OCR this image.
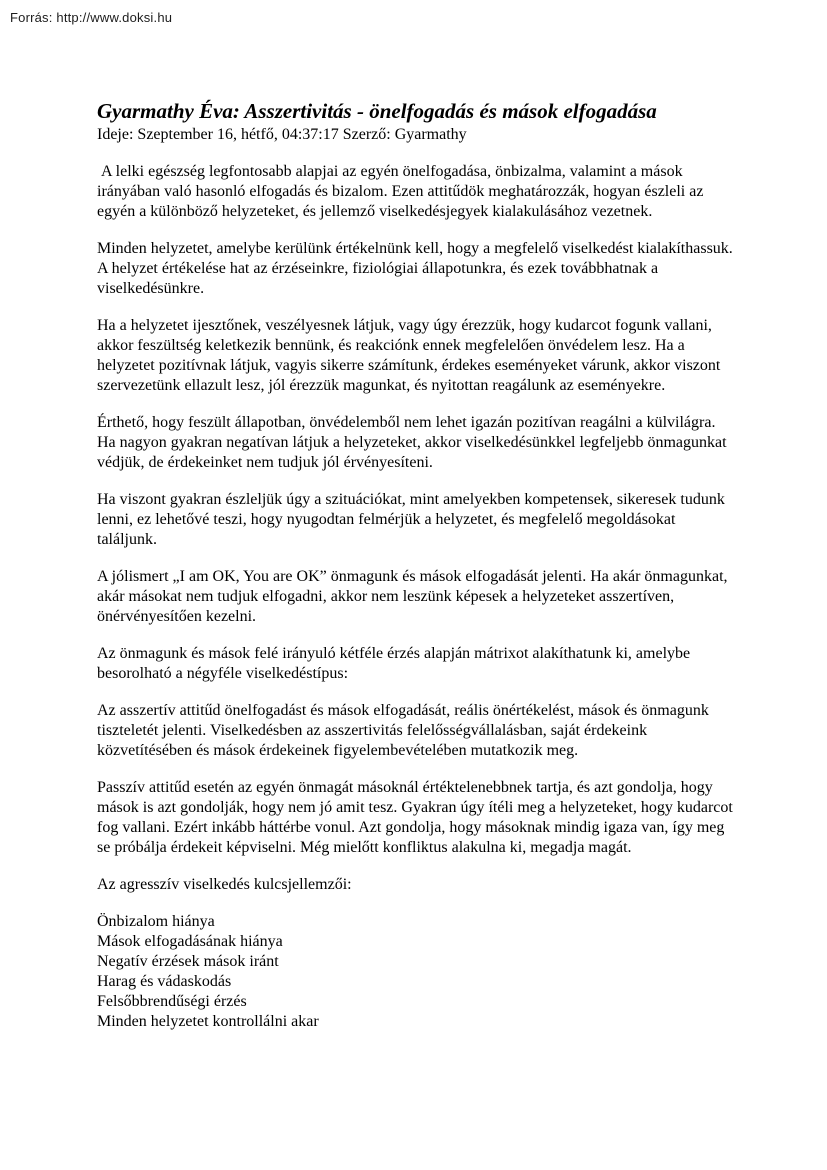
Forrás: http://www.doksi.hu
Gyarmathy Éva: Asszertivitás - önelfogadás és mások elfogadása
Ideje: Szeptember 16, hétfő, 04:37:17 Szerző: Gyarmathy

A lelki egészség legfontosabb alapjai az egyén önelfogadása, önbizalma, valamint a mások irányában való hasonló elfogadás és bizalom. Ezen attitűdök meghatározzák, hogyan észleli az egyén a különböző helyzeteket, és jellemző viselkedésjegyek kialakulásához vezetnek.

Minden helyzetet, amelybe kerülünk értékelnünk kell, hogy a megfelelő viselkedést kialakíthassuk. A helyzet értékelése hat az érzéseinkre, fiziológiai állapotunkra, és ezek továbbhatnak a viselkedésünkre.

Ha a helyzetet ijesztőnek, veszélyesnek látjuk, vagy úgy érezzük, hogy kudarcot fogunk vallani, akkor feszültség keletkezik bennünk, és reakciónk ennek megfelelően önvédelem lesz. Ha a helyzetet pozitívnak látjuk, vagyis sikerre számítunk, érdekes eseményeket várunk, akkor viszont szervezetünk ellazult lesz, jól érezzük magunkat, és nyitottan reagálunk az eseményekre.

Érthető, hogy feszült állapotban, önvédelemből nem lehet igazán pozitívan reagálni a külvilágra. Ha nagyon gyakran negatívan látjuk a helyzeteket, akkor viselkedésünkkel legfeljebb önmagunkat védjük, de érdekeinket nem tudjuk jól érvényesíteni.

Ha viszont gyakran észleljük úgy a szituációkat, mint amelyekben kompetensek, sikeresek tudunk lenni, ez lehetővé teszi, hogy nyugodtan felmérjük a helyzetet, és megfelelő megoldásokat találjunk.

A jólismert „I am OK, You are OK” önmagunk és mások elfogadását jelenti. Ha akár önmagunkat, akár másokat nem tudjuk elfogadni, akkor nem leszünk képesek a helyzeteket asszertíven, önérvényesítően kezelni.

Az önmagunk és mások felé irányuló kétféle érzés alapján mátrixot alakíthatunk ki, amelybe besorolható a négyféle viselkedéstípus:

Az asszertív attitűd önelfogadást és mások elfogadását, reális önértékelést, mások és önmagunk tiszteletét jelenti. Viselkedésben az asszertivitás felelősségvállalásban, saját érdekeink közvetítésében és mások érdekeinek figyelembevételében mutatkozik meg.

Passzív attitűd esetén az egyén önmagát másoknál értéktelenebbnek tartja, és azt gondolja, hogy mások is azt gondolják, hogy nem jó amit tesz. Gyakran úgy ítéli meg a helyzeteket, hogy kudarcot fog vallani. Ezért inkább háttérbe vonul. Azt gondolja, hogy másoknak mindig igaza van, így meg se próbálja érdekeit képviselni. Még mielőtt konfliktus alakulna ki, megadja magát.

Az agresszív viselkedés kulcsjellemzői:

Önbizalom hiánya
Mások elfogadásának hiánya
Negatív érzések mások iránt
Harag és vádaskodás
Felsőbbrendűségi érzés
Minden helyzetet kontrollálni akar
